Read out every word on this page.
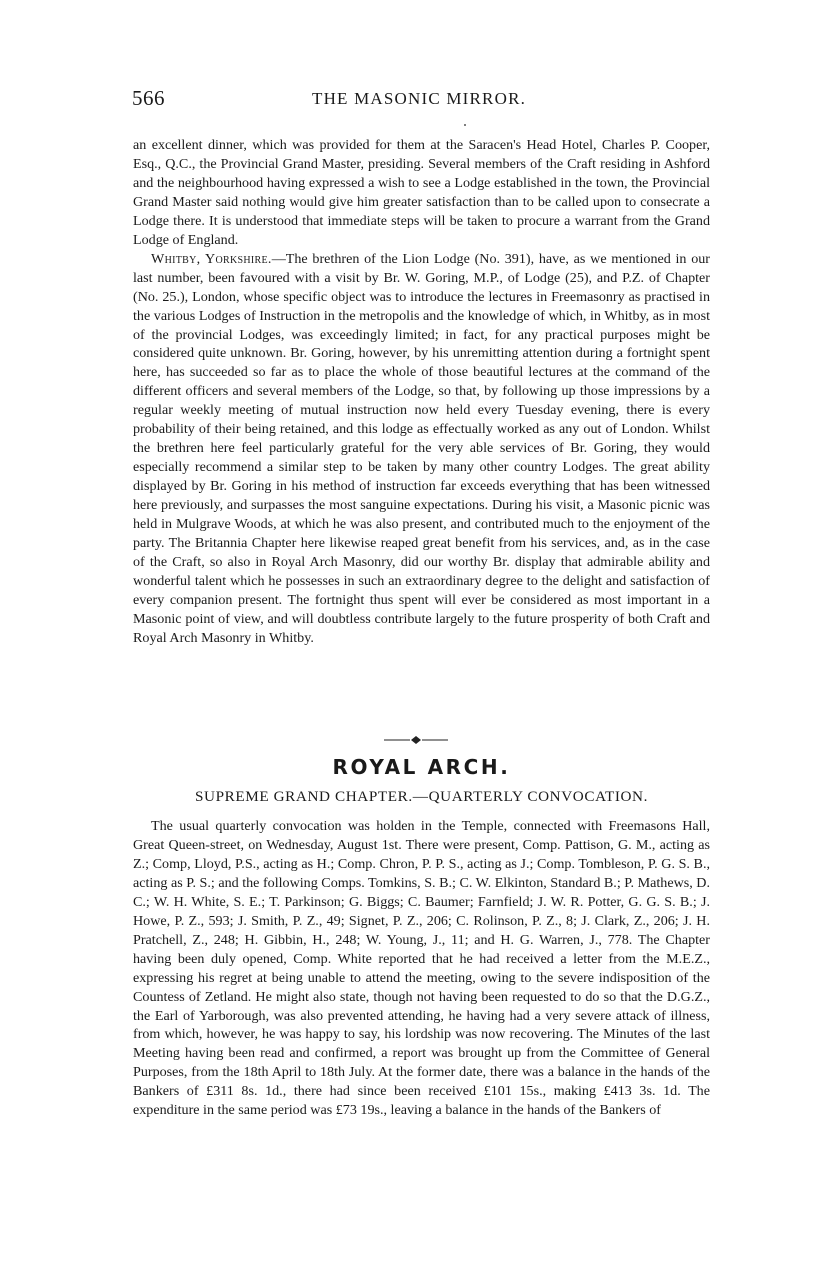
566	THE MASONIC MIRROR.

an excellent dinner, which was provided for them at the Saracen's Head Hotel, Charles P. Cooper, Esq., Q.C., the Provincial Grand Master, presiding. Several members of the Craft residing in Ashford and the neighbourhood having expressed a wish to see a Lodge established in the town, the Provincial Grand Master said nothing would give him greater satisfaction than to be called upon to consecrate a Lodge there. It is understood that immediate steps will be taken to procure a warrant from the Grand Lodge of England.

Whitby, Yorkshire.—The brethren of the Lion Lodge (No. 391), have, as we mentioned in our last number, been favoured with a visit by Br. W. Goring, M.P., of Lodge (25), and P.Z. of Chapter (No. 25.), London, whose specific object was to introduce the lectures in Freemasonry as practised in the various Lodges of Instruction in the metropolis and the knowledge of which, in Whitby, as in most of the provincial Lodges, was exceedingly limited; in fact, for any practical purposes might be considered quite unknown. Br. Goring, however, by his unremitting attention during a fortnight spent here, has succeeded so far as to place the whole of those beautiful lectures at the command of the different officers and several members of the Lodge, so that, by following up those impressions by a regular weekly meeting of mutual instruction now held every Tuesday evening, there is every probability of their being retained, and this lodge as effectually worked as any out of London. Whilst the brethren here feel particularly grateful for the very able services of Br. Goring, they would especially recommend a similar step to be taken by many other country Lodges. The great ability displayed by Br. Goring in his method of instruction far exceeds everything that has been witnessed here previously, and surpasses the most sanguine expectations. During his visit, a Masonic picnic was held in Mulgrave Woods, at which he was also present, and contributed much to the enjoyment of the party. The Britannia Chapter here likewise reaped great benefit from his services, and, as in the case of the Craft, so also in Royal Arch Masonry, did our worthy Br. display that admirable ability and wonderful talent which he possesses in such an extraordinary degree to the delight and satisfaction of every companion present. The fortnight thus spent will ever be considered as most important in a Masonic point of view, and will doubtless contribute largely to the future prosperity of both Craft and Royal Arch Masonry in Whitby.

ROYAL ARCH.
SUPREME GRAND CHAPTER.—QUARTERLY CONVOCATION.

The usual quarterly convocation was holden in the Temple, connected with Freemasons Hall, Great Queen-street, on Wednesday, August 1st. There were present, Comp. Pattison, G. M., acting as Z.; Comp, Lloyd, P.S., acting as H.; Comp. Chron, P. P. S., acting as J.; Comp. Tombleson, P. G. S. B., acting as P. S.; and the following Comps. Tomkins, S. B.; C. W. Elkinton, Standard B.; P. Mathews, D. C.; W. H. White, S. E.; T. Parkinson; G. Biggs; C. Baumer; Farnfield; J. W. R. Potter, G. G. S. B.; J. Howe, P. Z., 593; J. Smith, P. Z., 49; Signet, P. Z., 206; C. Rolinson, P. Z., 8; J. Clark, Z., 206; J. H. Pratchell, Z., 248; H. Gibbin, H., 248; W. Young, J., 11; and H. G. Warren, J., 778. The Chapter having been duly opened, Comp. White reported that he had received a letter from the M.E.Z., expressing his regret at being unable to attend the meeting, owing to the severe indisposition of the Countess of Zetland. He might also state, though not having been requested to do so that the D.G.Z., the Earl of Yarborough, was also prevented attending, he having had a very severe attack of illness, from which, however, he was happy to say, his lordship was now recovering. The Minutes of the last Meeting having been read and confirmed, a report was brought up from the Committee of General Purposes, from the 18th April to 18th July. At the former date, there was a balance in the hands of the Bankers of £311 8s. 1d., there had since been received £101 15s., making £413 3s. 1d. The expenditure in the same period was £73 19s., leaving a balance in the hands of the Bankers of
